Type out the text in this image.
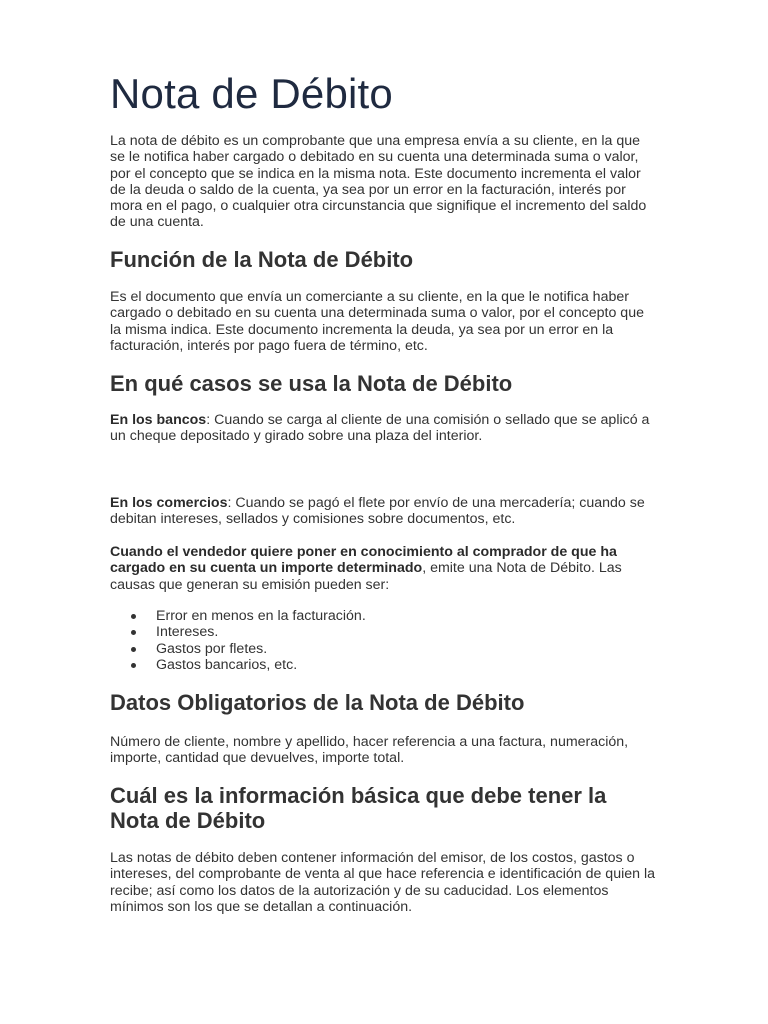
Nota de Débito

La nota de débito es un comprobante que una empresa envía a su cliente, en la que se le notifica haber cargado o debitado en su cuenta una determinada suma o valor, por el concepto que se indica en la misma nota. Este documento incrementa el valor de la deuda o saldo de la cuenta, ya sea por un error en la facturación, interés por mora en el pago, o cualquier otra circunstancia que signifique el incremento del saldo de una cuenta.

Función de la Nota de Débito

Es el documento que envía un comerciante a su cliente, en la que le notifica haber cargado o debitado en su cuenta una determinada suma o valor, por el concepto que la misma indica. Este documento incrementa la deuda, ya sea por un error en la facturación, interés por pago fuera de término, etc.

En qué casos se usa la Nota de Débito

En los bancos: Cuando se carga al cliente de una comisión o sellado que se aplicó a un cheque depositado y girado sobre una plaza del interior.

En los comercios: Cuando se pagó el flete por envío de una mercadería; cuando se debitan intereses, sellados y comisiones sobre documentos, etc.

Cuando el vendedor quiere poner en conocimiento al comprador de que ha cargado en su cuenta un importe determinado, emite una Nota de Débito. Las causas que generan su emisión pueden ser:

Error en menos en la facturación.
Intereses.
Gastos por fletes.
Gastos bancarios, etc.
Datos Obligatorios de la Nota de Débito

Número de cliente, nombre y apellido, hacer referencia a una factura, numeración, importe, cantidad que devuelves, importe total.

Cuál es la información básica que debe tener la Nota de Débito

Las notas de débito deben contener información del emisor, de los costos, gastos o intereses, del comprobante de venta al que hace referencia e identificación de quien la recibe; así como los datos de la autorización y de su caducidad. Los elementos mínimos son los que se detallan a continuación.
